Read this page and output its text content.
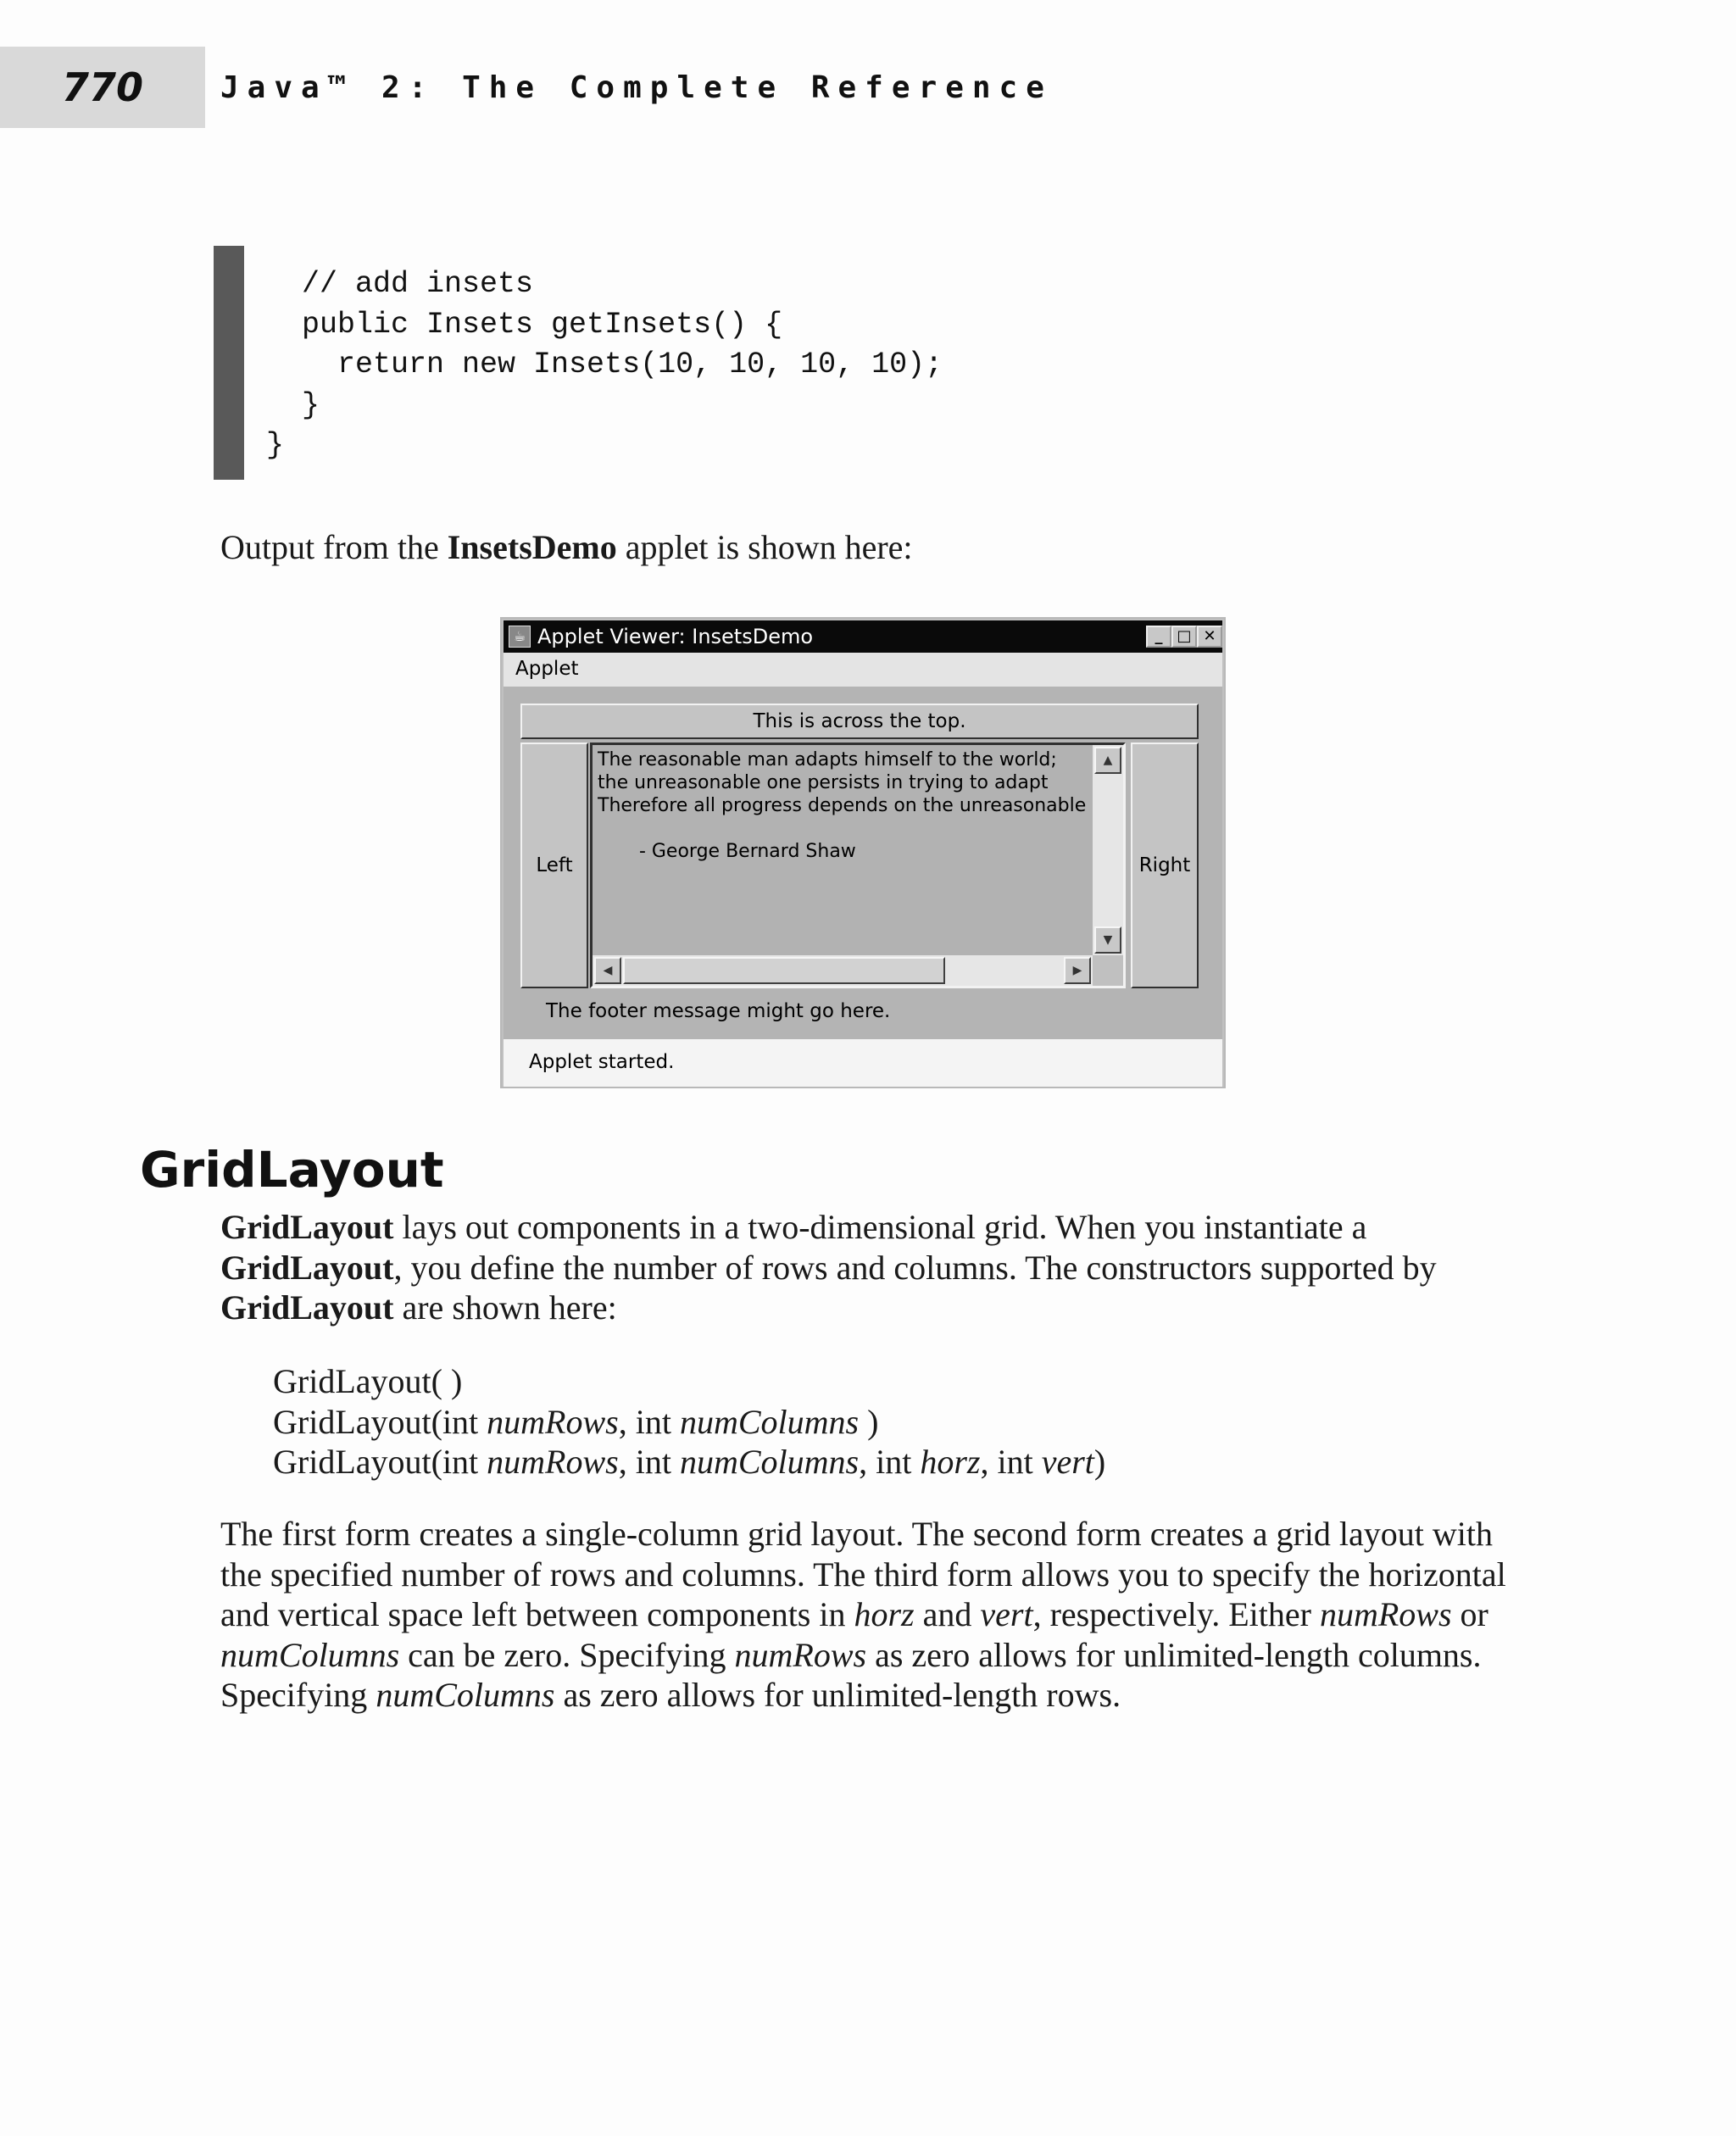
770	Java™ 2: The Complete Reference
// add insets
public Insets getInsets() {
return new Insets(10, 10, 10, 10);
}
}

Output from the InsetsDemo applet is shown here:

☕ Applet Viewer: InsetsDemo	_ □ ✕
Applet
This is across the top.
Left
The reasonable man adapts himself to the world;
the unreasonable one persists in trying to adapt
Therefore all progress depends on the unreasonable

- George Bernard Shaw
▲
▼
◀	▶
Right
The footer message might go here.
Applet started.
GridLayout

GridLayout lays out components in a two-dimensional grid. When you instantiate a GridLayout, you define the number of rows and columns. The constructors supported by GridLayout are shown here:

GridLayout( )
GridLayout(int numRows, int numColumns )
GridLayout(int numRows, int numColumns, int horz, int vert)

The first form creates a single-column grid layout. The second form creates a grid layout with the specified number of rows and columns. The third form allows you to specify the horizontal and vertical space left between components in horz and vert, respectively. Either numRows or numColumns can be zero. Specifying numRows as zero allows for unlimited-length columns. Specifying numColumns as zero allows for unlimited-length rows.
